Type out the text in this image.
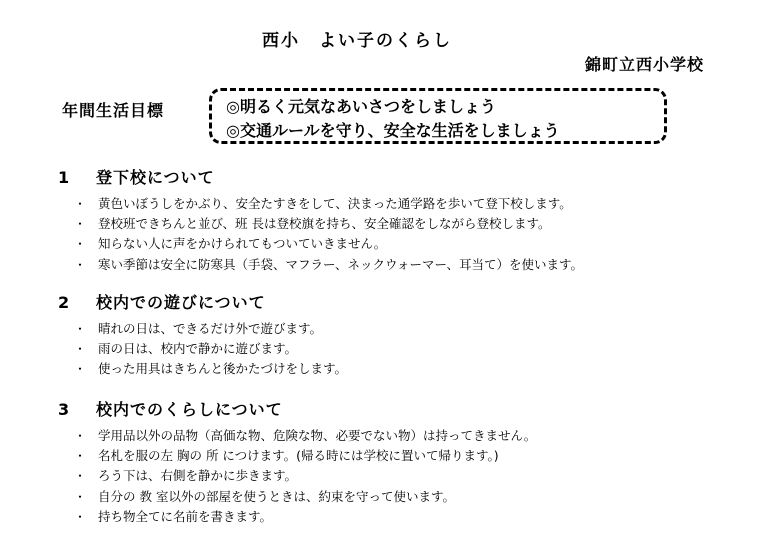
西小　よい子のくらし
錦町立西小学校
年間生活目標	◎明るく元気なあいさつをしましょう
◎交通ルールを守り、安全な生活をしましょう
1 登下校について
・ 黄色いぼうしをかぶり、安全たすきをして、決まった通学路を歩いて登下校します。
・ 登校班できちんと並び、班 長は登校旗を持ち、安全確認をしながら登校します。
・ 知らない人に声をかけられてもついていきません。
・ 寒い季節は安全に防寒具（手袋、マフラー、ネックウォーマー、耳当て）を使います。
2 校内での遊びについて
・ 晴れの日は、できるだけ外で遊びます。
・ 雨の日は、校内で静かに遊びます。
・ 使った用具はきちんと後かたづけをします。
3 校内でのくらしについて
・ 学用品以外の品物（高価な物、危険な物、必要でない物）は持ってきません。
・ 名札を服の左 胸の 所 につけます。(帰る時には学校に置いて帰ります。)
・ ろう下は、右側を静かに歩きます。
・ 自分の 教 室以外の部屋を使うときは、約束を守って使います。
・ 持ち物全てに名前を書きます。
